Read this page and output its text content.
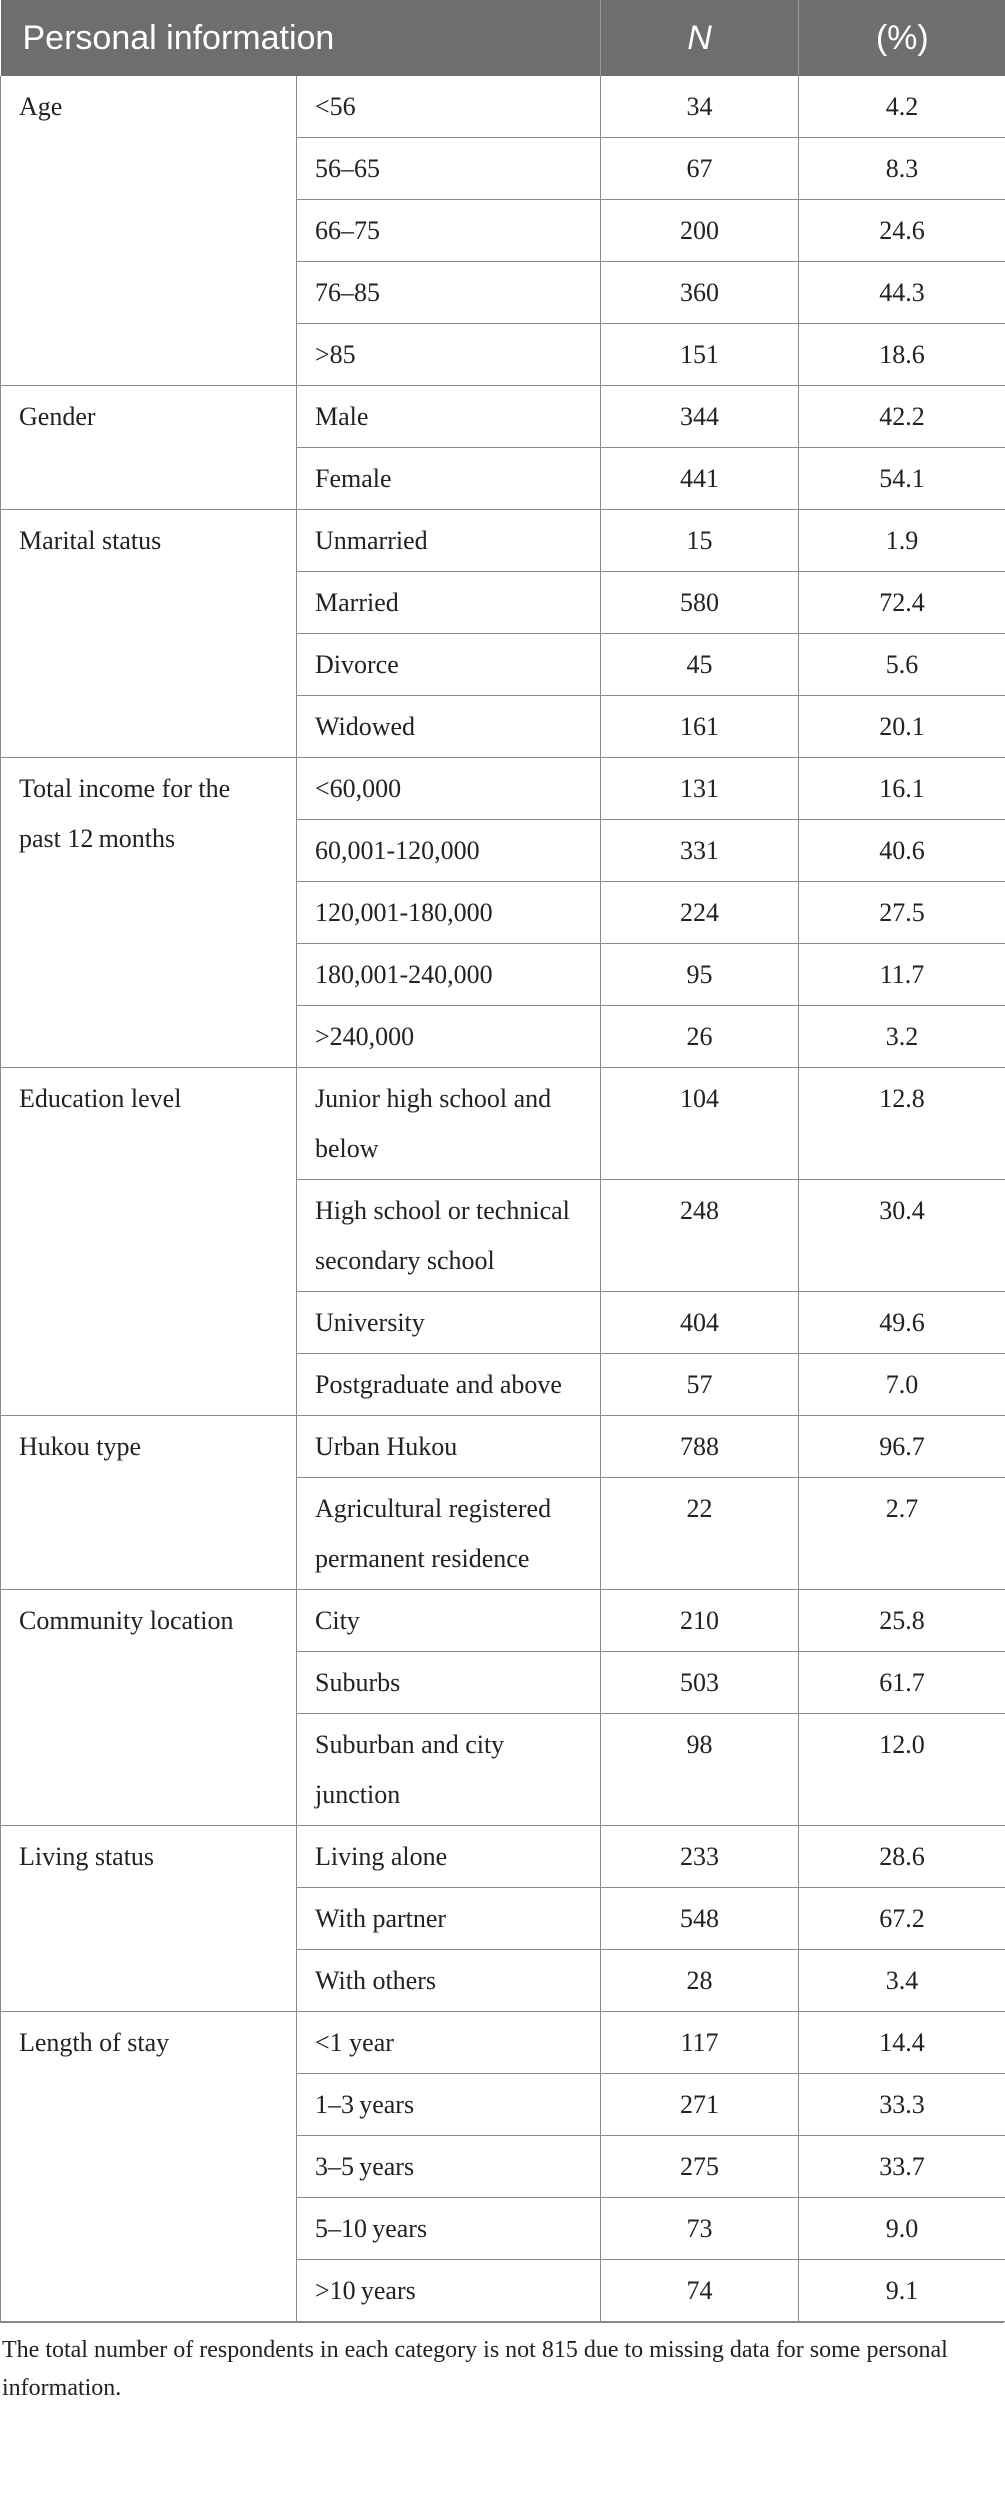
Personal information		N	(%)
Age	<56	34	4.2
	56–65	67	8.3
	66–75	200	24.6
	76–85	360	44.3
	>85	151	18.6
Gender	Male	344	42.2
	Female	441	54.1
Marital status	Unmarried	15	1.9
	Married	580	72.4
	Divorce	45	5.6
	Widowed	161	20.1
Total income for the past 12 months	<60,000	131	16.1
	60,001-120,000	331	40.6
	120,001-180,000	224	27.5
	180,001-240,000	95	11.7
	>240,000	26	3.2
Education level	Junior high school and below	104	12.8
	High school or technical secondary school	248	30.4
	University	404	49.6
	Postgraduate and above	57	7.0
Hukou type	Urban Hukou	788	96.7
	Agricultural registered permanent residence	22	2.7
Community location	City	210	25.8
	Suburbs	503	61.7
	Suburban and city junction	98	12.0
Living status	Living alone	233	28.6
	With partner	548	67.2
	With others	28	3.4
Length of stay	<1 year	117	14.4
	1–3 years	271	33.3
	3–5 years	275	33.7
	5–10 years	73	9.0
	>10 years	74	9.1
The total number of respondents in each category is not 815 due to missing data for some personal information.
